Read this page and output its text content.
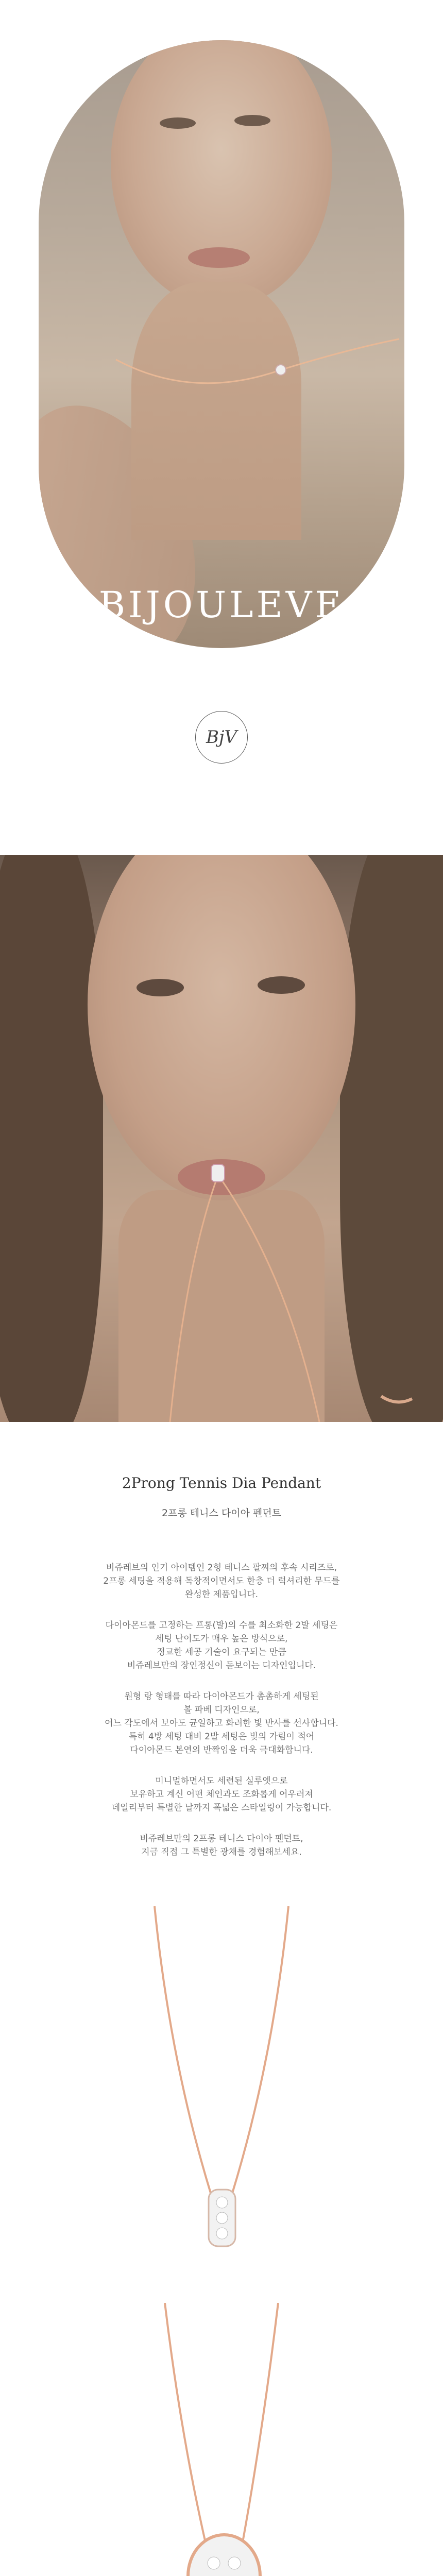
BIJOULEVE
BjV
2Prong Tennis Dia Pendant
2프롱 테니스 다이아 펜던트

비쥬레브의 인기 아이템인 2헝 테니스 팔찌의 후속 시리즈로,
2프롱 세팅을 적용해 독창적이면서도 한층 더 럭셔리한 무드를
완성한 제품입니다.

다이아몬드를 고정하는 프롱(발)의 수를 최소화한 2발 세팅은
세팅 난이도가 매우 높은 방식으로,
정교한 세공 기술이 요구되는 만큼
비쥬레브만의 장인정신이 돋보이는 디자인입니다.

원형 랑 형태를 따라 다이아몬드가 촘촘하게 세팅된
볼 파베 디자인으로,
어느 각도에서 보아도 균일하고 화려한 빛 반사를 선사합니다.
특히 4방 세팅 대비 2발 세팅은 빛의 가림이 적어
다이아몬드 본연의 반짝임을 더욱 극대화합니다.

미니멀하면서도 세련된 실루엣으로
보유하고 계신 어떤 체인과도 조화롭게 어우러져
데일리부터 특별한 날까지 폭넓은 스타일링이 가능합니다.

비쥬레브만의 2프롱 테니스 다이아 펜던트,
지금 직접 그 특별한 광채를 경험해보세요.
